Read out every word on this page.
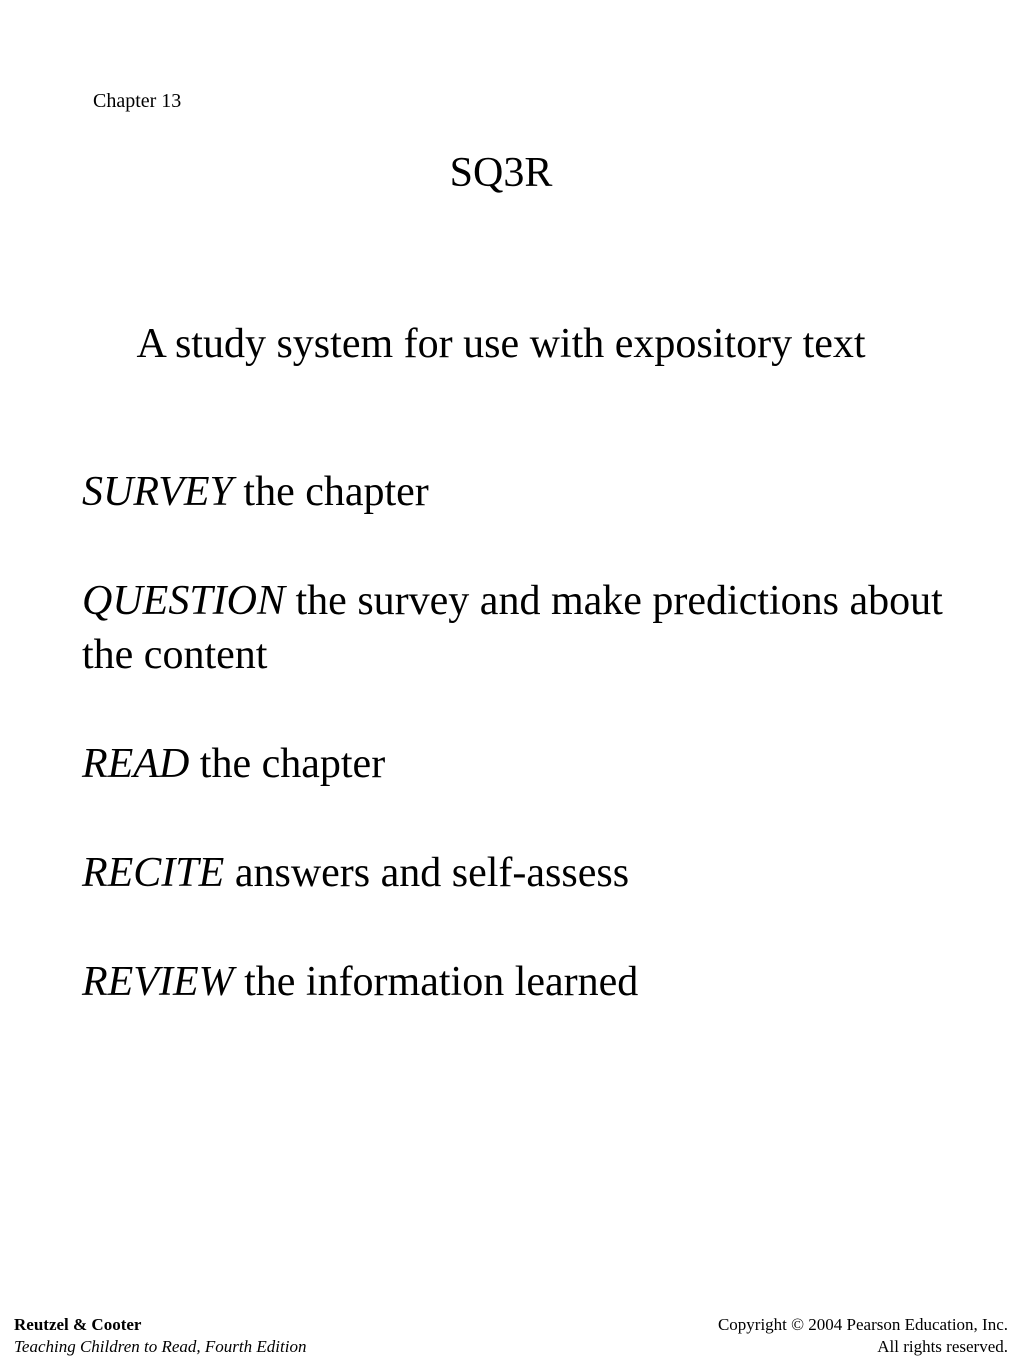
Chapter 13
SQ3R
A study system for use with expository text
SURVEY the chapter
QUESTION the survey and make predictions about the content
READ the chapter
RECITE answers and self-assess
REVIEW the information learned
Reutzel & Cooter
Teaching Children to Read, Fourth Edition
Copyright © 2004 Pearson Education, Inc.
All rights reserved.
